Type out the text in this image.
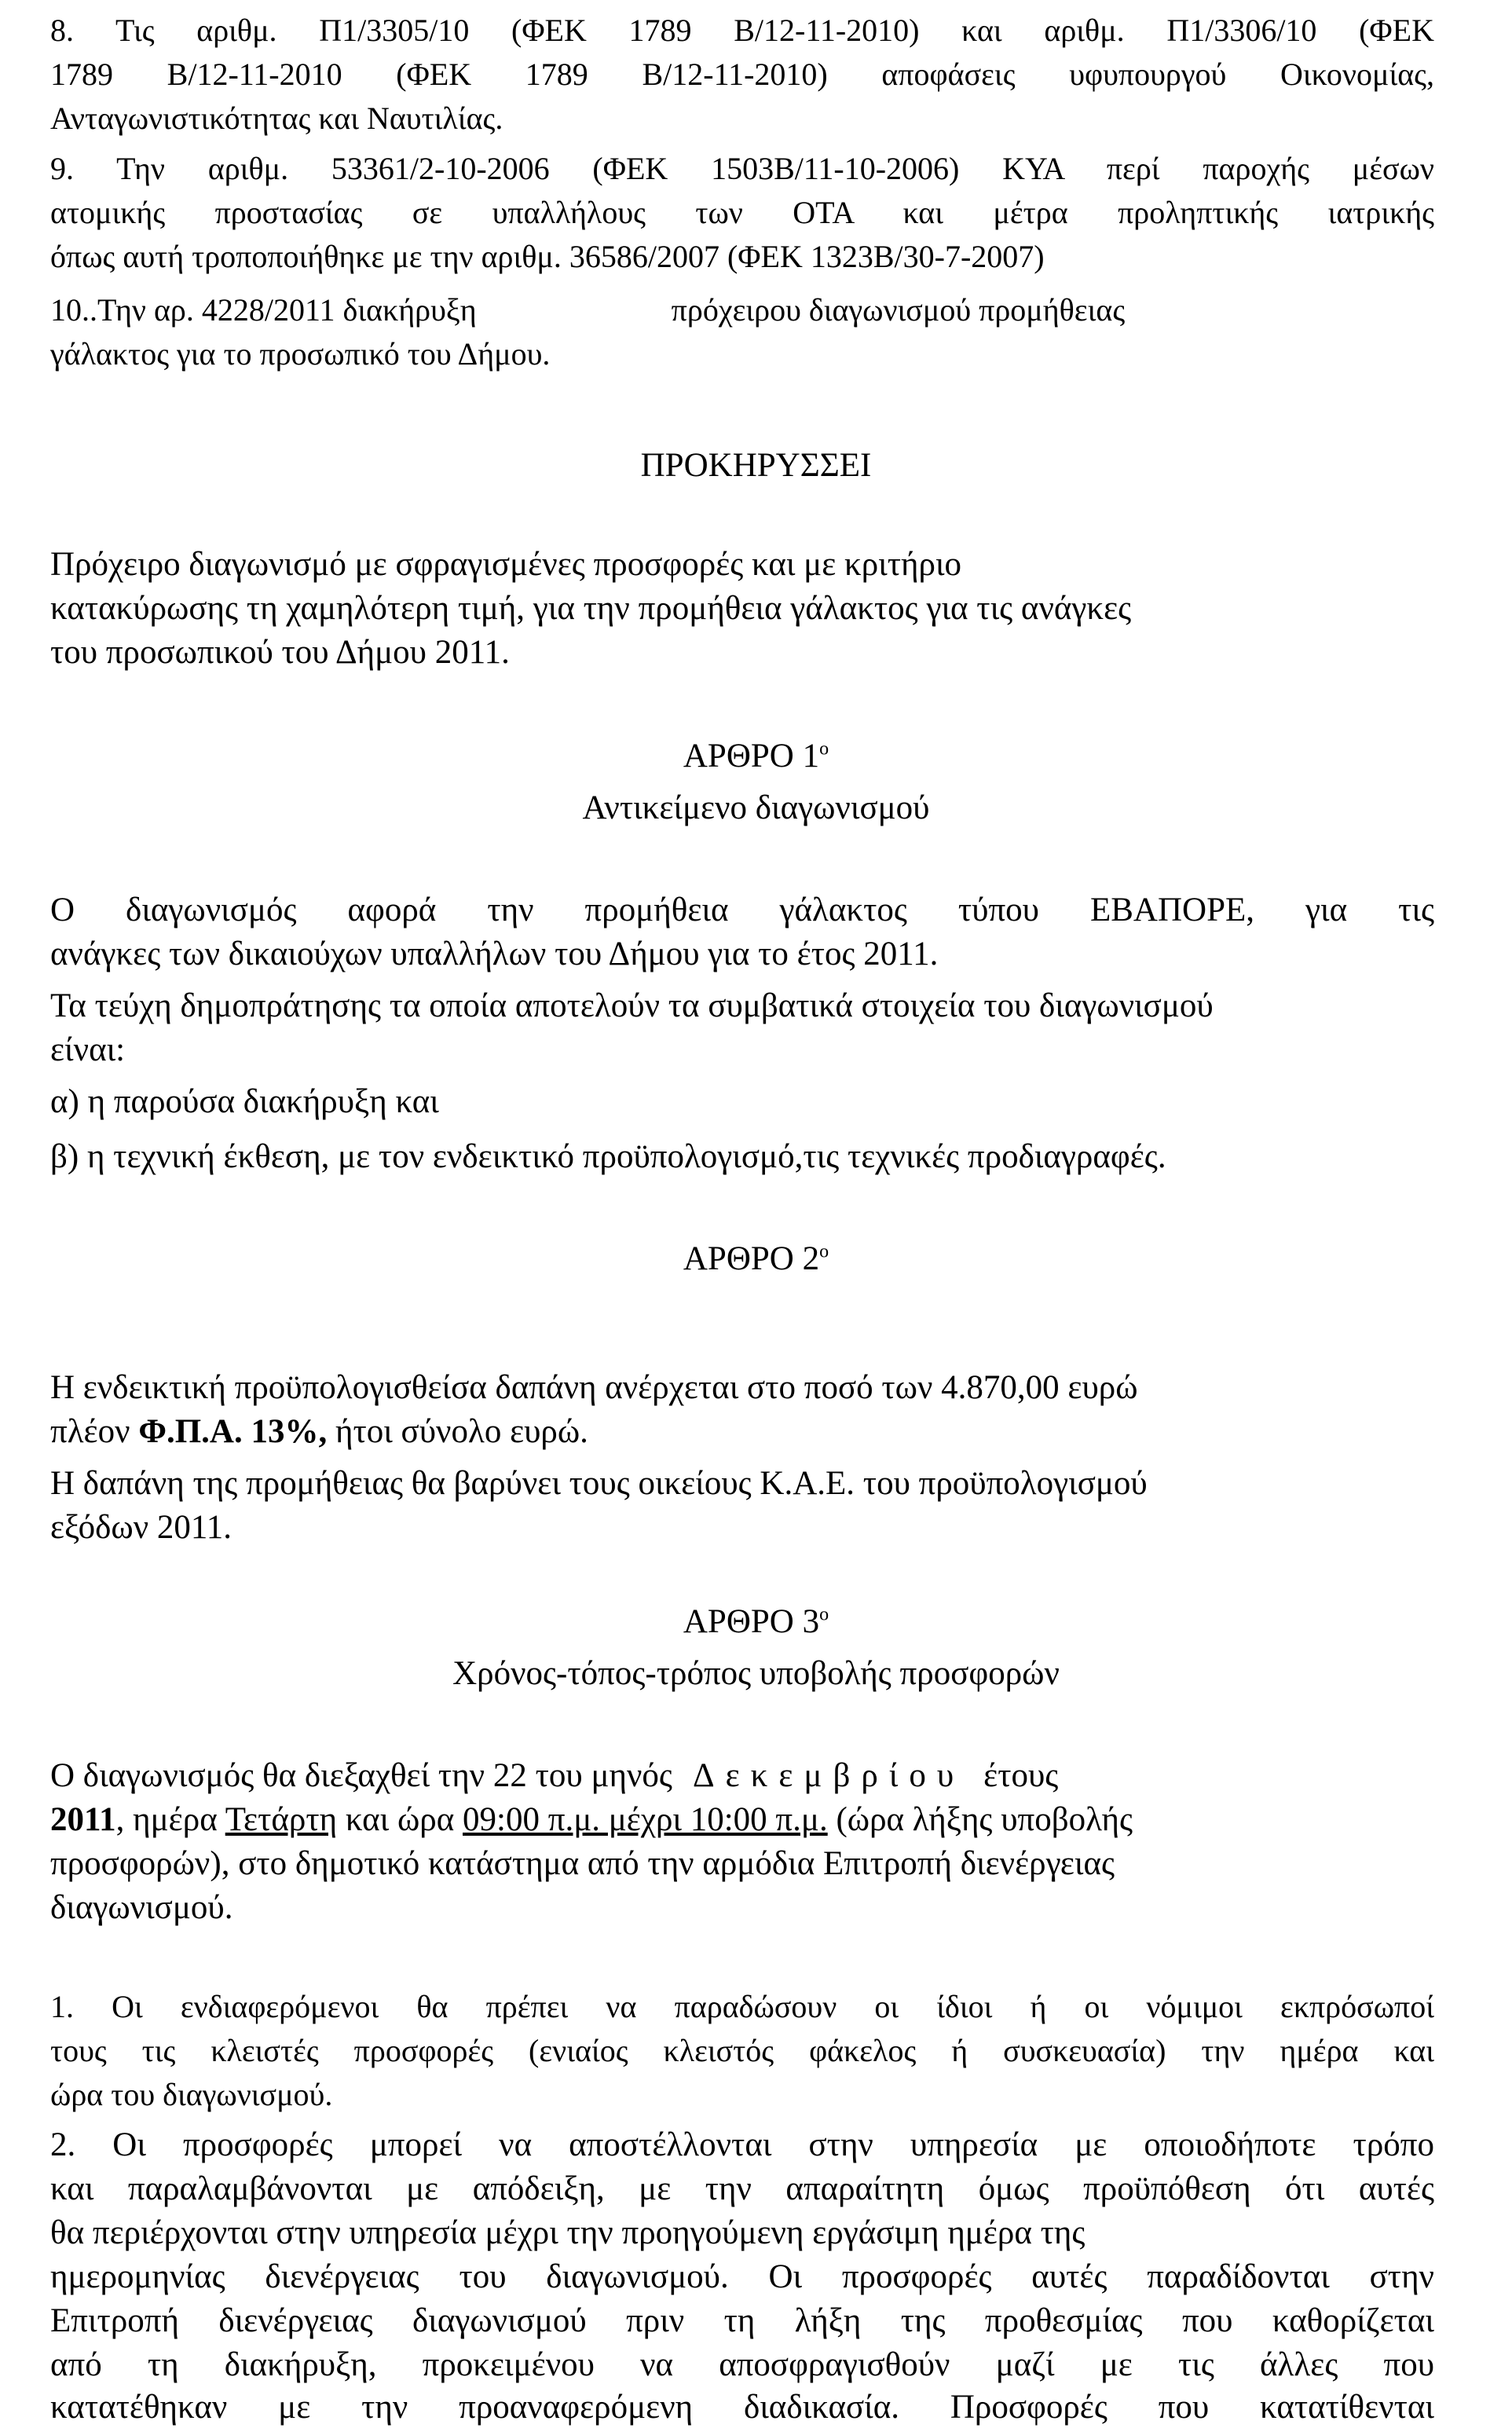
8. Τις αριθμ. Π1/3305/10 (ΦΕΚ 1789 Β/12-11-2010) και αριθμ. Π1/3306/10 (ΦΕΚ

1789 Β/12-11-2010 (ΦΕΚ 1789 Β/12-11-2010) αποφάσεις υφυπουργού Οικονομίας,

Ανταγωνιστικότητας και Ναυτιλίας.

9. Την αριθμ. 53361/2-10-2006 (ΦΕΚ 1503Β/11-10-2006) ΚΥΑ περί παροχής μέσων

ατομικής προστασίας σε υπαλλήλους των ΟΤΑ και μέτρα προληπτικής ιατρικής

όπως αυτή τροποποιήθηκε με την αριθμ. 36586/2007 (ΦΕΚ 1323Β/30-7-2007)

10..Την αρ. 4228/2011 διακήρυξη	πρόχειρου διαγωνισμού προμήθειας

γάλακτος για το προσωπικό του Δήμου.

ΠΡΟΚΗΡΥΣΣΕΙ

Πρόχειρο διαγωνισμό με σφραγισμένες προσφορές και με κριτήριο

κατακύρωσης τη χαμηλότερη τιμή, για την προμήθεια γάλακτος για τις ανάγκες

του προσωπικού του Δήμου 2011.

ΑΡΘΡΟ $1^o$

Αντικείμενο διαγωνισμού

Ο διαγωνισμός αφορά την προμήθεια γάλακτος τύπου ΕΒΑΠΟΡΕ, για τις

ανάγκες των δικαιούχων υπαλλήλων του Δήμου για το έτος 2011.

Τα τεύχη δημοπράτησης τα οποία αποτελούν τα συμβατικά στοιχεία του διαγωνισμού

είναι:

α) η παρούσα διακήρυξη και

β) η τεχνική έκθεση, με τον ενδεικτικό προϋπολογισμό,τις τεχνικές προδιαγραφές.

ΑΡΘΡΟ $2^o$

Η ενδεικτική προϋπολογισθείσα δαπάνη ανέρχεται στο ποσό των 4.870,00 ευρώ

πλέον Φ.Π.Α. 13%, ήτοι σύνολο ευρώ.

Η δαπάνη της προμήθειας θα βαρύνει τους οικείους Κ.Α.Ε. του προϋπολογισμού

εξόδων 2011.

ΑΡΘΡΟ $3^o$

Χρόνος-τόπος-τρόπος υποβολής προσφορών

Ο διαγωνισμός θα διεξαχθεί την 22 του μηνός Δεκεμβρίου έτους

2011, ημέρα Τετάρτη και ώρα 09:00 π.μ. μέχρι 10:00 π.μ. (ώρα λήξης υποβολής

προσφορών), στο δημοτικό κατάστημα από την αρμόδια Επιτροπή διενέργειας

διαγωνισμού.

1. Οι ενδιαφερόμενοι θα πρέπει να παραδώσουν οι ίδιοι ή οι νόμιμοι εκπρόσωποί

τους τις κλειστές προσφορές (ενιαίος κλειστός φάκελος ή συσκευασία) την ημέρα και

ώρα του διαγωνισμού.

2. Οι προσφορές μπορεί να αποστέλλονται στην υπηρεσία με οποιοδήποτε τρόπο

και παραλαμβάνονται με απόδειξη, με την απαραίτητη όμως προϋπόθεση ότι αυτές

θα περιέρχονται στην υπηρεσία μέχρι την προηγούμενη εργάσιμη ημέρα της

ημερομηνίας διενέργειας του διαγωνισμού. Οι προσφορές αυτές παραδίδονται στην

Επιτροπή διενέργειας διαγωνισμού πριν τη λήξη της προθεσμίας που καθορίζεται

από τη διακήρυξη, προκειμένου να αποσφραγισθούν μαζί με τις άλλες που

κατατέθηκαν με την προαναφερόμενη διαδικασία. Προσφορές που κατατίθενται
